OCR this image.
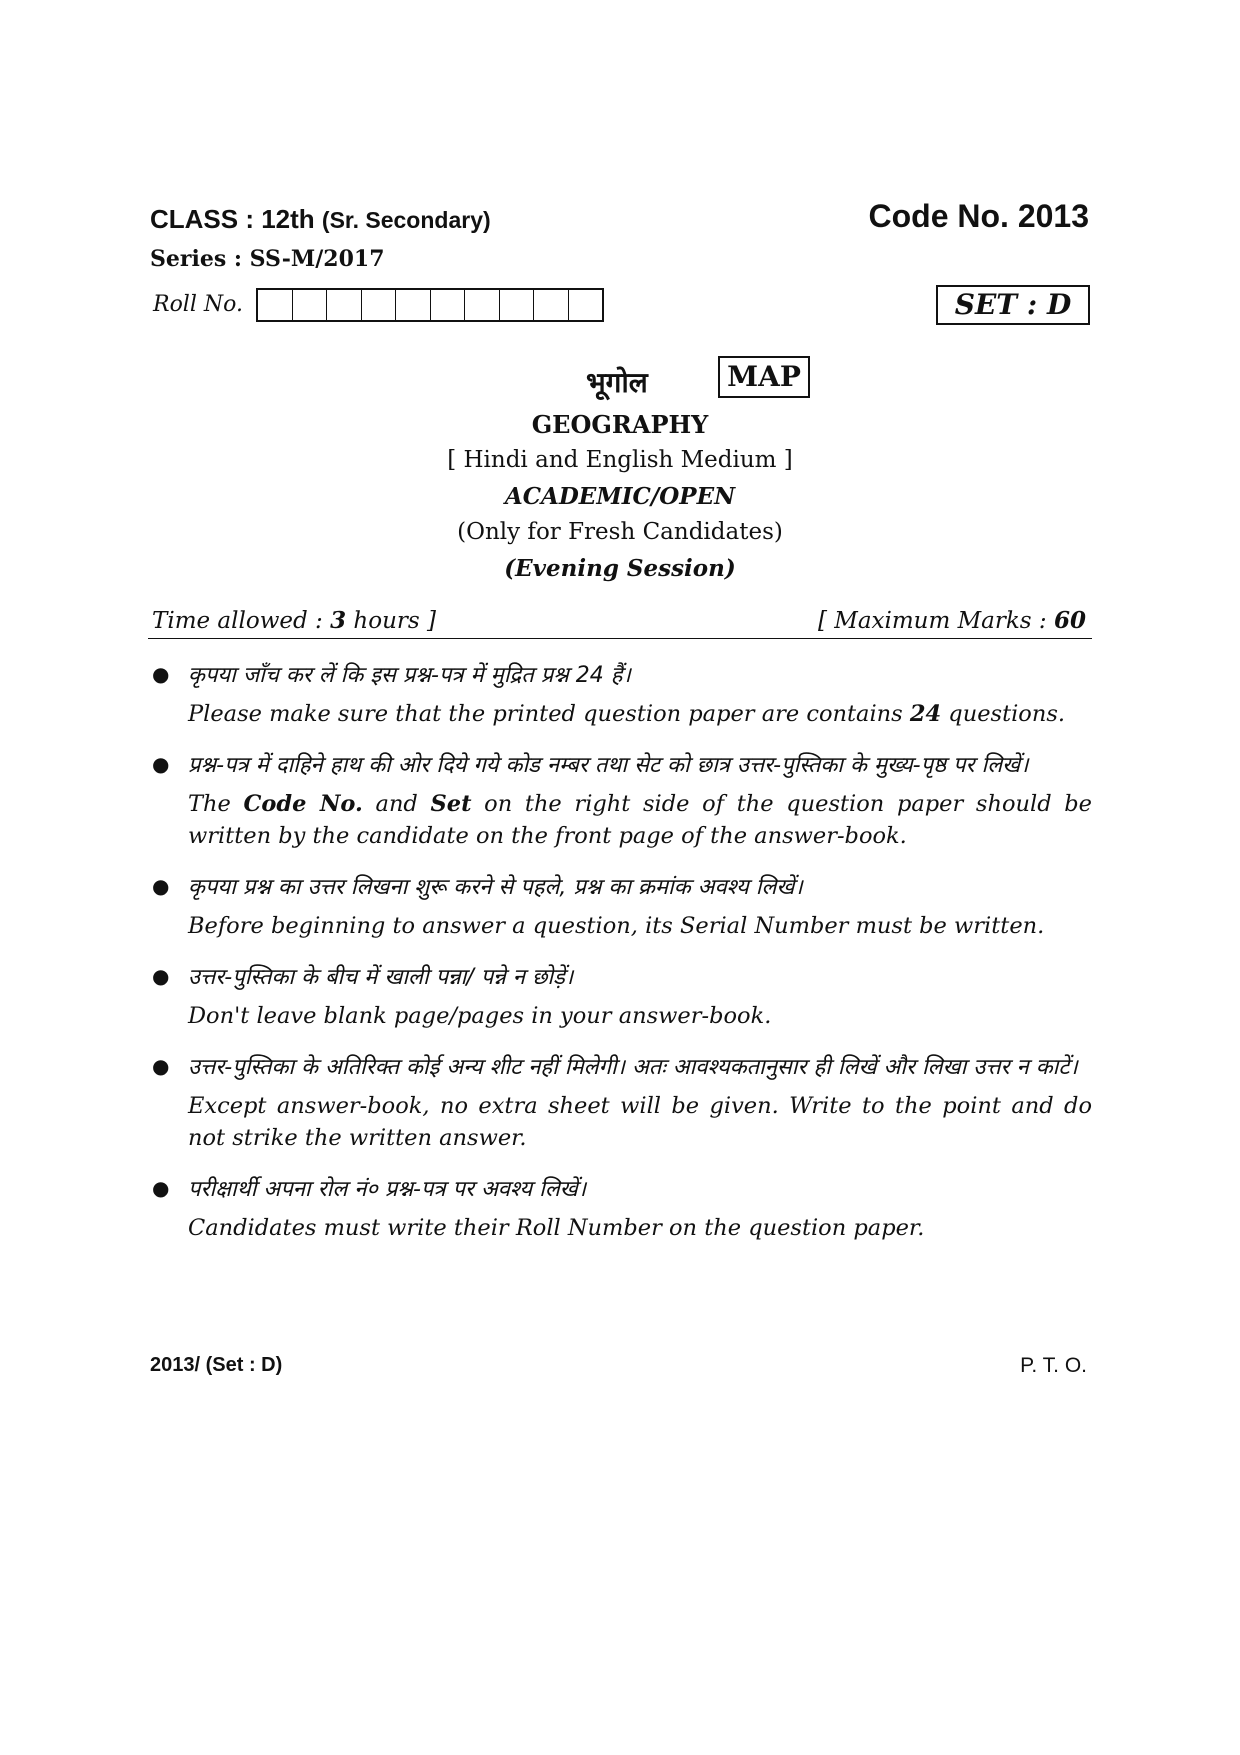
CLASS : 12th (Sr. Secondary)	Code No. 2013
Series : SS-M/2017
Roll No.	SET : D
भूगोल	MAP
GEOGRAPHY
[ Hindi and English Medium ]
ACADEMIC/OPEN
(Only for Fresh Candidates)
(Evening Session)
Time allowed : 3 hours ]	[ Maximum Marks : 60
● कृपया जाँच कर लें कि इस प्रश्न-पत्र में मुद्रित प्रश्न 24 हैं।
Please make sure that the printed question paper are contains 24 questions.
● प्रश्न-पत्र में दाहिने हाथ की ओर दिये गये कोड नम्बर तथा सेट को छात्र उत्तर-पुस्तिका के मुख्य-पृष्ठ पर लिखें।
The Code No. and Set on the right side of the question paper should be written by the candidate on the front page of the answer-book.
● कृपया प्रश्न का उत्तर लिखना शुरू करने से पहले, प्रश्न का क्रमांक अवश्य लिखें।
Before beginning to answer a question, its Serial Number must be written.
● उत्तर-पुस्तिका के बीच में खाली पन्ना/ पन्ने न छोड़ें।
Don't leave blank page/pages in your answer-book.
● उत्तर-पुस्तिका के अतिरिक्त कोई अन्य शीट नहीं मिलेगी। अतः आवश्यकतानुसार ही लिखें और लिखा उत्तर न काटें।
Except answer-book, no extra sheet will be given. Write to the point and do not strike the written answer.
● परीक्षार्थी अपना रोल नं० प्रश्न-पत्र पर अवश्य लिखें।
Candidates must write their Roll Number on the question paper.
2013/ (Set : D)	P. T. O.
